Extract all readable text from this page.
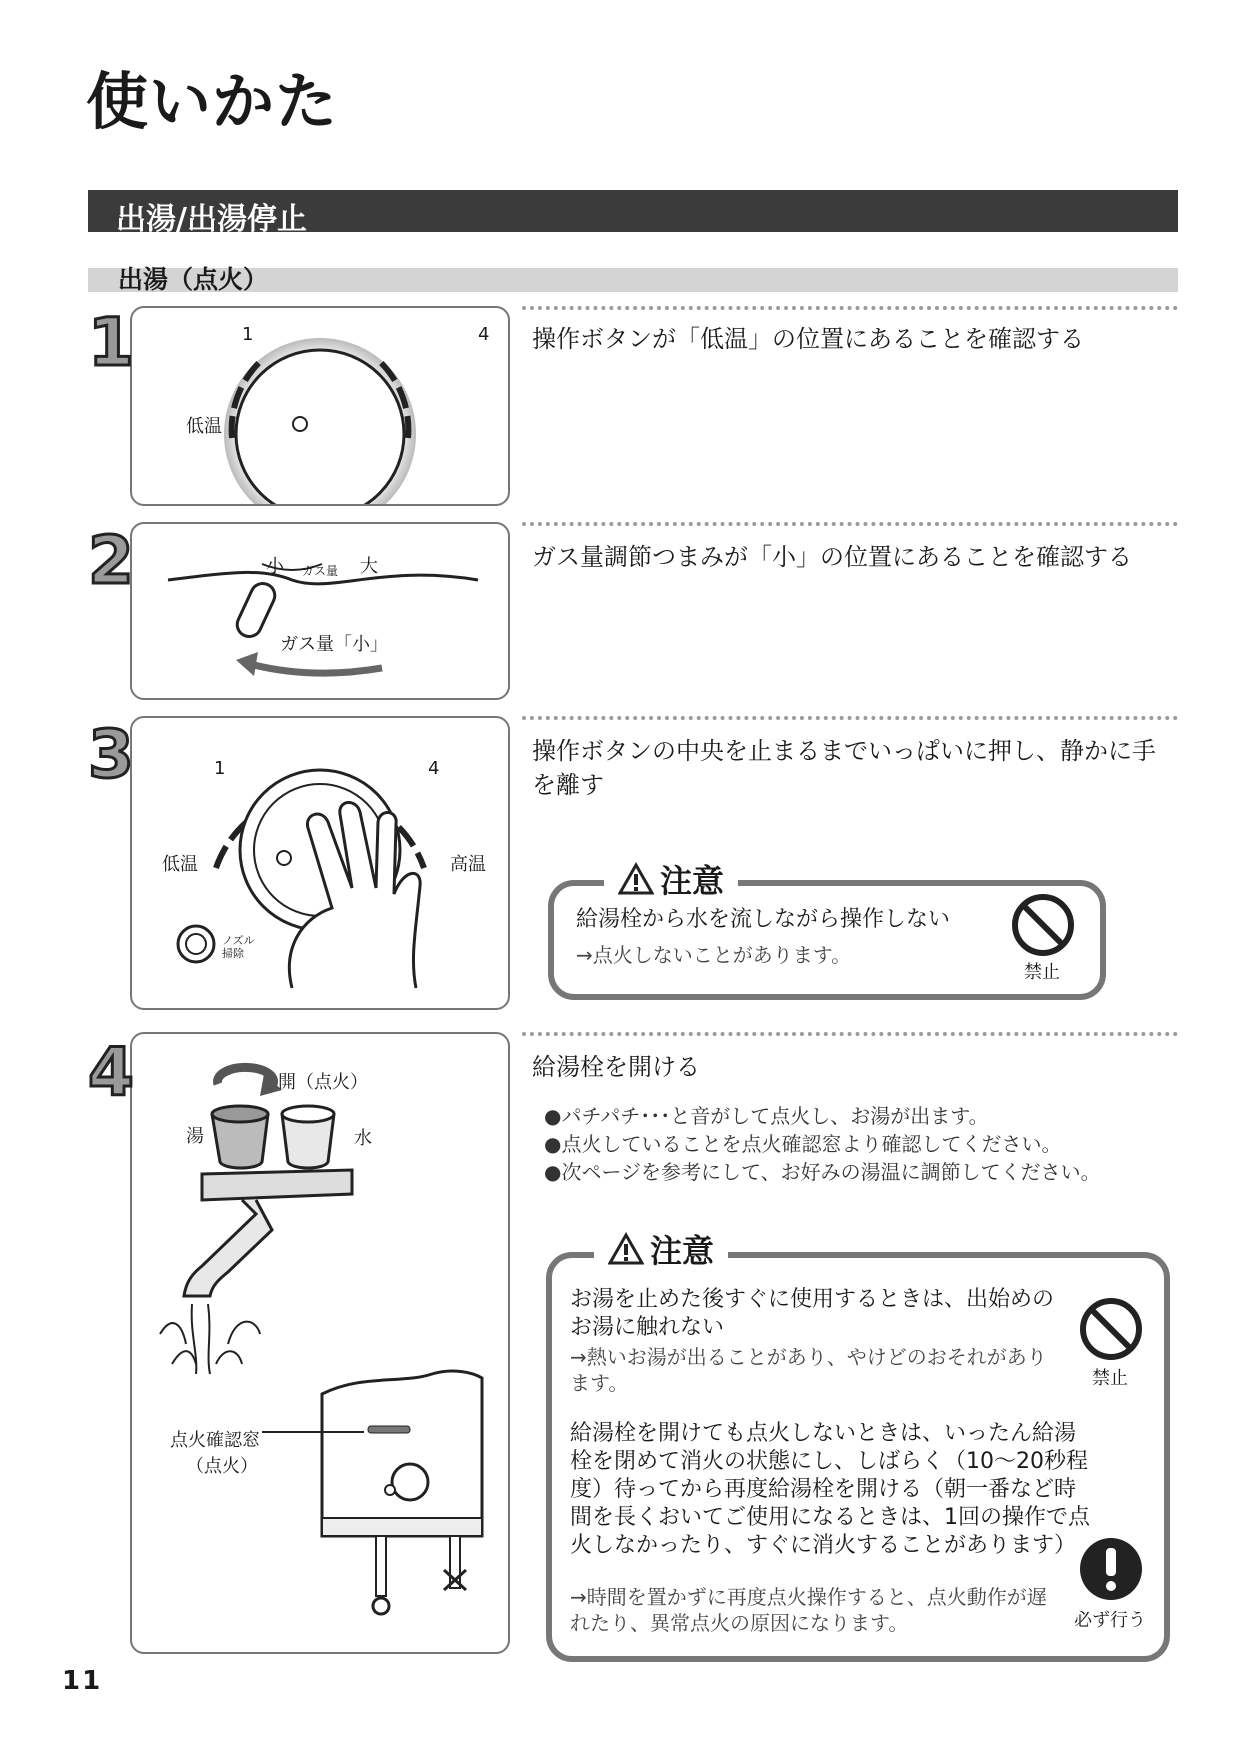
使いかた
出湯/出湯停止
出湯（点火）
1	4
低温
1	操作ボタンが「低温」の位置にあることを確認する
小 ガス量 大
ガス量「小」
2	ガス量調節つまみが「小」の位置にあることを確認する
1	4
低温	高温
ノズル掃除
3	操作ボタンの中央を止まるまでいっぱいに押し、静かに手を離す
注意
給湯栓から水を流しながら操作しない
→点火しないことがあります。
禁止
開（点火）
湯	水
点火確認窓
（点火）
4	給湯栓を開ける
●パチパチ･･･と音がして点火し、お湯が出ます。
●点火していることを点火確認窓より確認してください。
●次ページを参考にして、お好みの湯温に調節してください。
注意
お湯を止めた後すぐに使用するときは、出始めのお湯に触れない
→熱いお湯が出ることがあり、やけどのおそれがあります。	禁止
給湯栓を開けても点火しないときは、いったん給湯栓を閉めて消火の状態にし、しばらく（10～20秒程度）待ってから再度給湯栓を開ける（朝一番など時間を長くおいてご使用になるときは、1回の操作で点火しなかったり、すぐに消火することがあります）
→時間を置かずに再度点火操作すると、点火動作が遅れたり、異常点火の原因になります。	必ず行う
11
